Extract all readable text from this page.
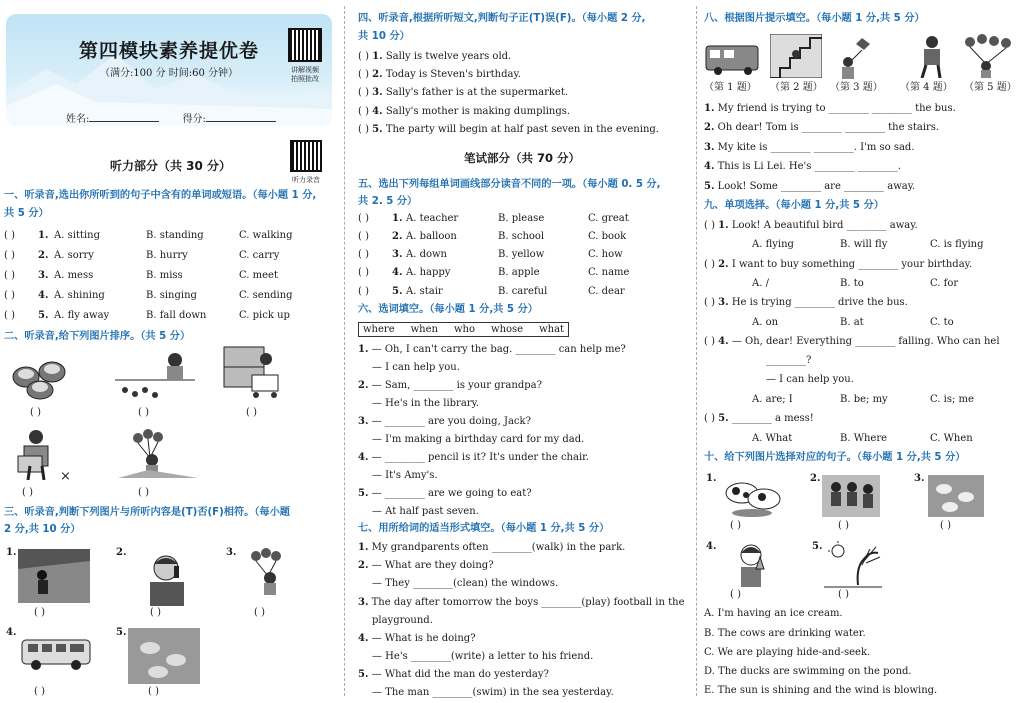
第四模块素养提优卷
（满分:100 分 时间:60 分钟）	讲解视频
拍照批改
姓名:	得分:
听力录音
听力部分（共 30 分）
一、听录音,选出你所听到的句子中含有的单词或短语。（每小题 1 分,
共 5 分）
( ) 1. A. sitting	B. standing	C. walking
( ) 2. A. sorry	B. hurry	C. carry
( ) 3. A. mess	B. miss	C. meet
( ) 4. A. shining	B. singing	C. sending
( ) 5. A. fly away	B. fall down	C. pick up
二、听录音,给下列图片排序。（共 5 分）
( )	( )	( )
×
( )	( )
三、听录音,判断下列图片与所听内容是(T)否(F)相符。（每小题
2 分,共 10 分）
1.	2.	3.
( )	( )	( )
4.	5.
( )	( )
四、听录音,根据所听短文,判断句子正(T)误(F)。（每小题 2 分,
共 10 分）
( ) 1. Sally is twelve years old.
( ) 2. Today is Steven's birthday.
( ) 3. Sally's father is at the supermarket.
( ) 4. Sally's mother is making dumplings.
( ) 5. The party will begin at half past seven in the evening.
笔试部分（共 70 分）
五、选出下列每组单词画线部分读音不同的一项。（每小题 0. 5 分,
共 2. 5 分）
( ) 1. A. teacher	B. please	C. great
( ) 2. A. balloon	B. school	C. book
( ) 3. A. down	B. yellow	C. how
( ) 4. A. happy	B. apple	C. name
( ) 5. A. stair	B. careful	C. dear
六、选词填空。（每小题 1 分,共 5 分）
where when who whose what
1. — Oh, I can't carry the bag. ________ can help me?
— I can help you.
2. — Sam, ________ is your grandpa?
— He's in the library.
3. — ________ are you doing, Jack?
— I'm making a birthday card for my dad.
4. — ________ pencil is it? It's under the chair.
— It's Amy's.
5. — ________ are we going to eat?
— At half past seven.
七、用所给词的适当形式填空。（每小题 1 分,共 5 分）
1. My grandparents often ________(walk) in the park.
2. — What are they doing?
— They ________(clean) the windows.
3. The day after tomorrow the boys ________(play) football in the
playground.
4. — What is he doing?
— He's ________(write) a letter to his friend.
5. — What did the man do yesterday?
— The man ________(swim) in the sea yesterday.
八、根据图片提示填空。（每小题 1 分,共 5 分）
（第 1 题） （第 2 题） （第 3 题） （第 4 题） （第 5 题）
1. My friend is trying to ________ ________ the bus.
2. Oh dear! Tom is ________ ________ the stairs.
3. My kite is ________ ________. I'm so sad.
4. This is Li Lei. He's ________ ________.
5. Look! Some ________ are ________ away.
九、单项选择。（每小题 1 分,共 5 分）
( ) 1. Look! A beautiful bird ________ away.
A. flying	B. will fly	C. is flying
( ) 2. I want to buy something ________ your birthday.
A. /	B. to	C. for
( ) 3. He is trying ________ drive the bus.
A. on	B. at	C. to
( ) 4. — Oh, dear! Everything ________ falling. Who can hel
________?
— I can help you.
A. are; I	B. be; my	C. is; me
( ) 5. ________ a mess!
A. What	B. Where	C. When
十、给下列图片选择对应的句子。（每小题 1 分,共 5 分）
1.	2.	3.
( )	( )	( )
4.	5.
( )	( )
A. I'm having an ice cream.
B. The cows are drinking water.
C. We are playing hide-and-seek.
D. The ducks are swimming on the pond.
E. The sun is shining and the wind is blowing.
